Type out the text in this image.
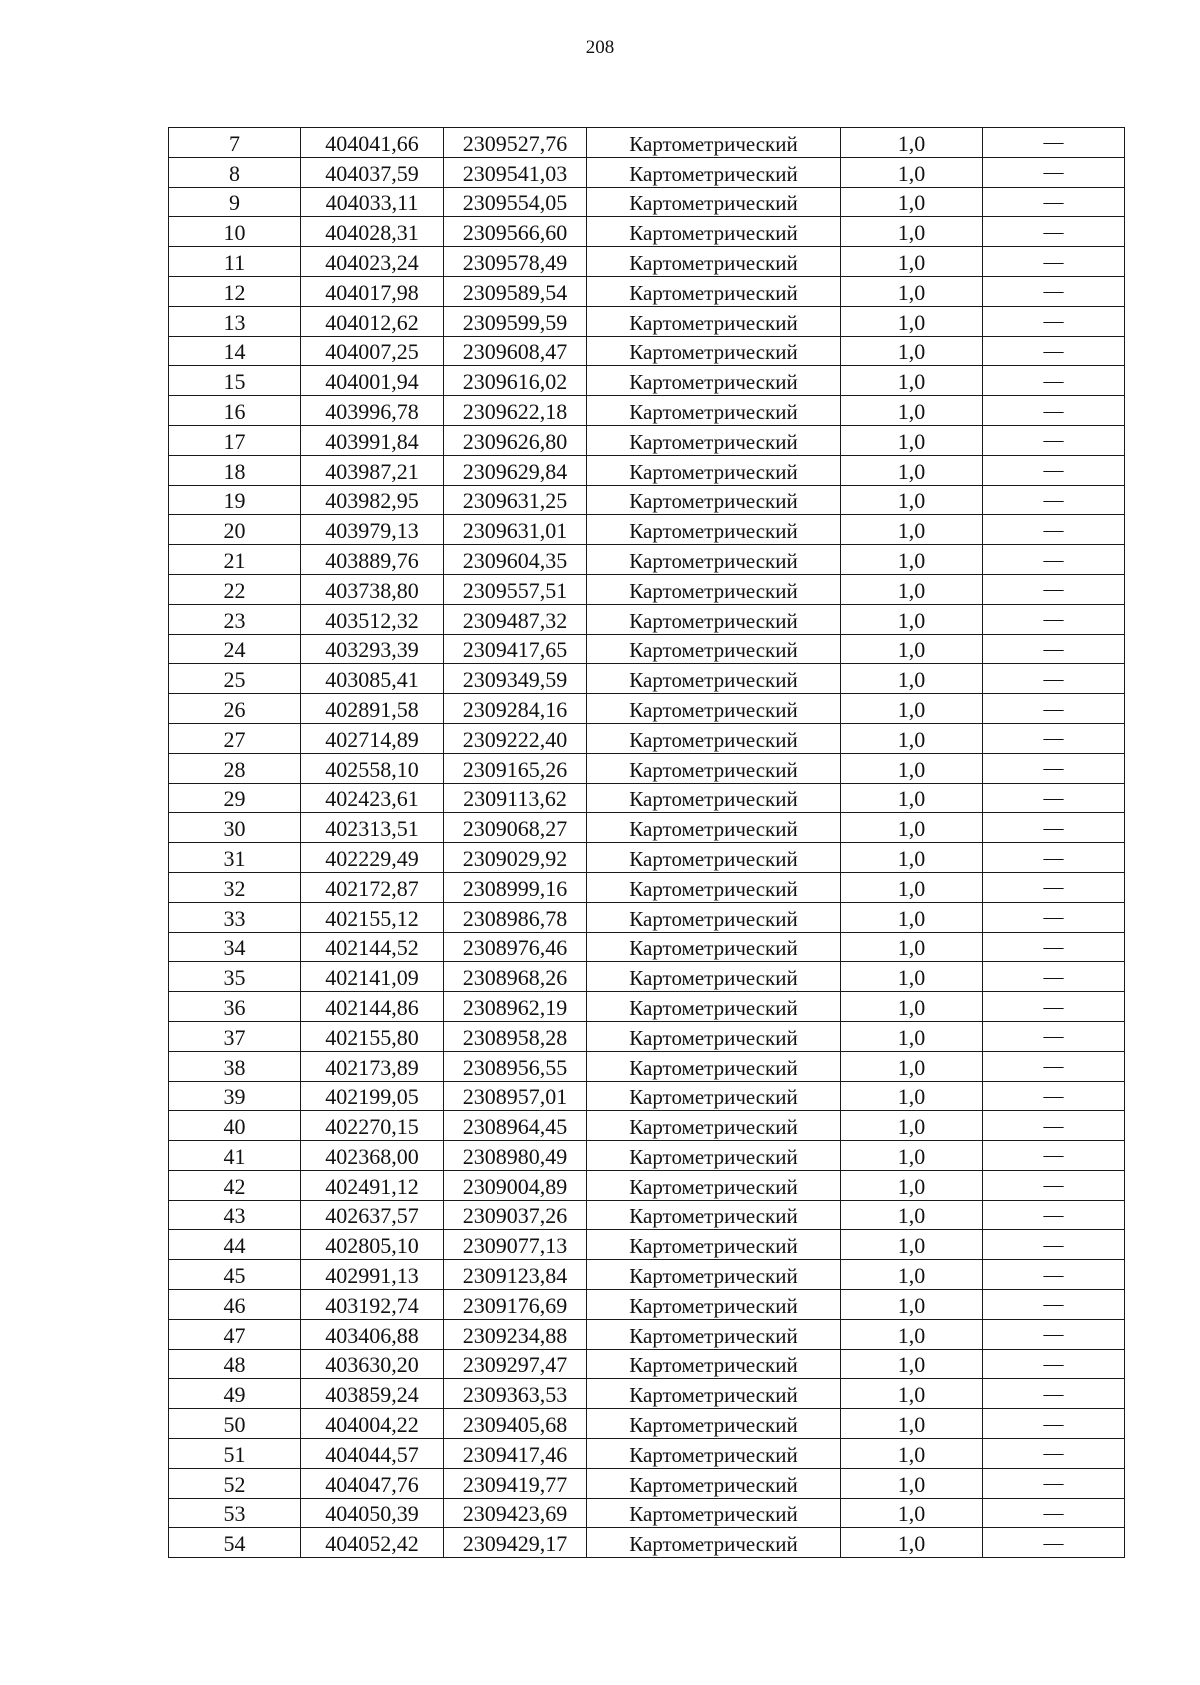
208
7	404041,66	2309527,76	Картометрический	1,0	—
8	404037,59	2309541,03	Картометрический	1,0	—
9	404033,11	2309554,05	Картометрический	1,0	—
10	404028,31	2309566,60	Картометрический	1,0	—
11	404023,24	2309578,49	Картометрический	1,0	—
12	404017,98	2309589,54	Картометрический	1,0	—
13	404012,62	2309599,59	Картометрический	1,0	—
14	404007,25	2309608,47	Картометрический	1,0	—
15	404001,94	2309616,02	Картометрический	1,0	—
16	403996,78	2309622,18	Картометрический	1,0	—
17	403991,84	2309626,80	Картометрический	1,0	—
18	403987,21	2309629,84	Картометрический	1,0	—
19	403982,95	2309631,25	Картометрический	1,0	—
20	403979,13	2309631,01	Картометрический	1,0	—
21	403889,76	2309604,35	Картометрический	1,0	—
22	403738,80	2309557,51	Картометрический	1,0	—
23	403512,32	2309487,32	Картометрический	1,0	—
24	403293,39	2309417,65	Картометрический	1,0	—
25	403085,41	2309349,59	Картометрический	1,0	—
26	402891,58	2309284,16	Картометрический	1,0	—
27	402714,89	2309222,40	Картометрический	1,0	—
28	402558,10	2309165,26	Картометрический	1,0	—
29	402423,61	2309113,62	Картометрический	1,0	—
30	402313,51	2309068,27	Картометрический	1,0	—
31	402229,49	2309029,92	Картометрический	1,0	—
32	402172,87	2308999,16	Картометрический	1,0	—
33	402155,12	2308986,78	Картометрический	1,0	—
34	402144,52	2308976,46	Картометрический	1,0	—
35	402141,09	2308968,26	Картометрический	1,0	—
36	402144,86	2308962,19	Картометрический	1,0	—
37	402155,80	2308958,28	Картометрический	1,0	—
38	402173,89	2308956,55	Картометрический	1,0	—
39	402199,05	2308957,01	Картометрический	1,0	—
40	402270,15	2308964,45	Картометрический	1,0	—
41	402368,00	2308980,49	Картометрический	1,0	—
42	402491,12	2309004,89	Картометрический	1,0	—
43	402637,57	2309037,26	Картометрический	1,0	—
44	402805,10	2309077,13	Картометрический	1,0	—
45	402991,13	2309123,84	Картометрический	1,0	—
46	403192,74	2309176,69	Картометрический	1,0	—
47	403406,88	2309234,88	Картометрический	1,0	—
48	403630,20	2309297,47	Картометрический	1,0	—
49	403859,24	2309363,53	Картометрический	1,0	—
50	404004,22	2309405,68	Картометрический	1,0	—
51	404044,57	2309417,46	Картометрический	1,0	—
52	404047,76	2309419,77	Картометрический	1,0	—
53	404050,39	2309423,69	Картометрический	1,0	—
54	404052,42	2309429,17	Картометрический	1,0	—
